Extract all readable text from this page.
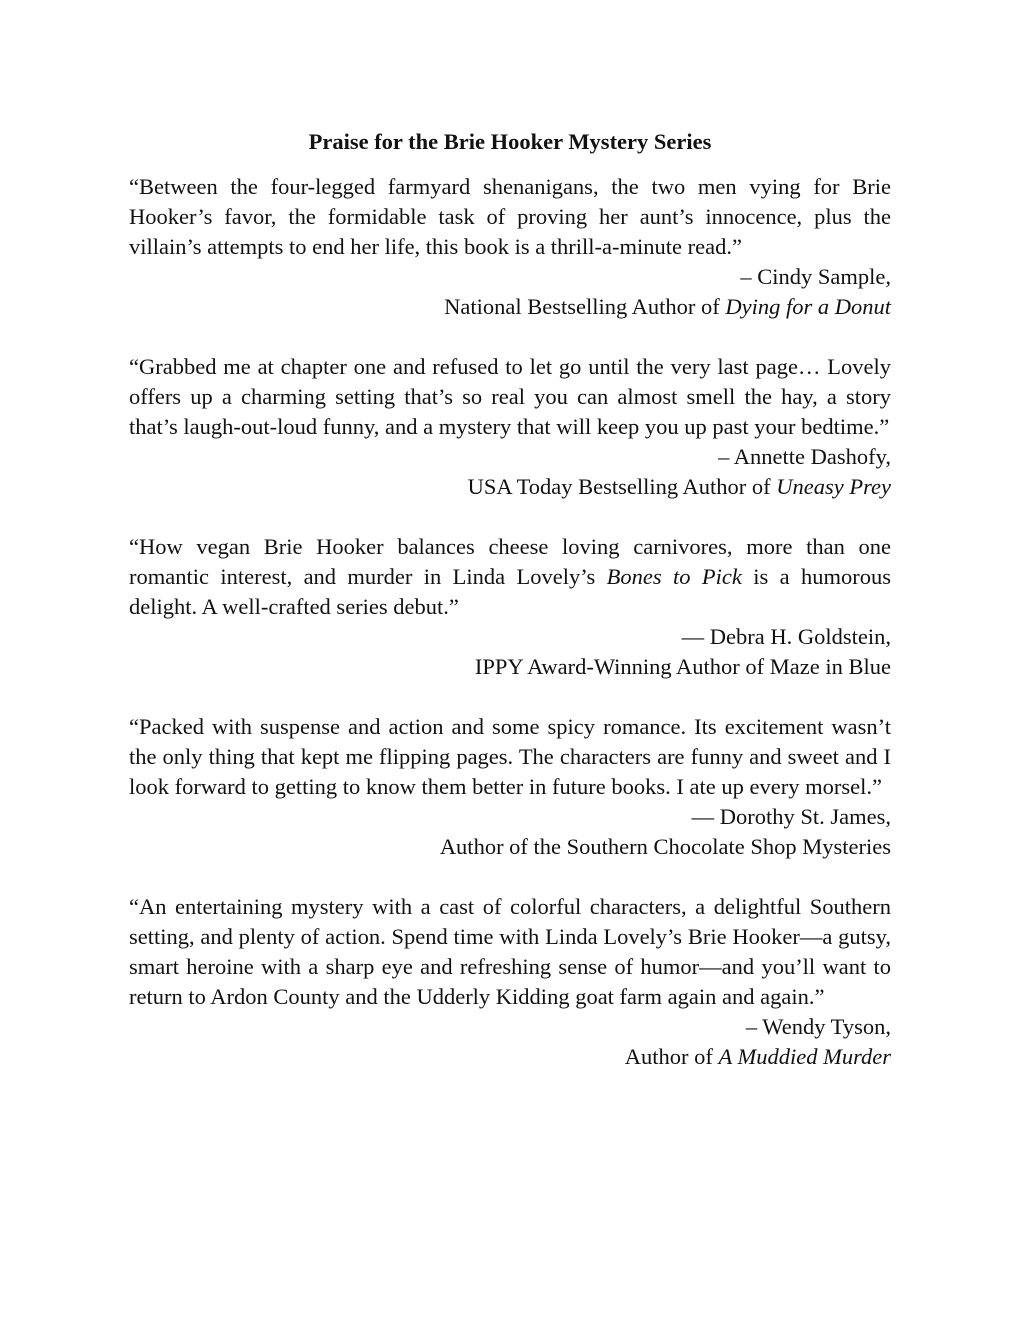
Praise for the Brie Hooker Mystery Series

“Between the four-legged farmyard shenanigans, the two men vying for Brie Hooker’s favor, the formidable task of proving her aunt’s innocence, plus the villain’s attempts to end her life, this book is a thrill-a-minute read.”

– Cindy Sample,

National Bestselling Author of Dying for a Donut

“Grabbed me at chapter one and refused to let go until the very last page… Lovely offers up a charming setting that’s so real you can almost smell the hay, a story that’s laugh-out-loud funny, and a mystery that will keep you up past your bedtime.”

– Annette Dashofy,

USA Today Bestselling Author of Uneasy Prey

“How vegan Brie Hooker balances cheese loving carnivores, more than one romantic interest, and murder in Linda Lovely’s Bones to Pick is a humorous delight. A well-crafted series debut.”

— Debra H. Goldstein,

IPPY Award-Winning Author of Maze in Blue

“Packed with suspense and action and some spicy romance. Its excitement wasn’t the only thing that kept me flipping pages. The characters are funny and sweet and I look forward to getting to know them better in future books. I ate up every morsel.”

— Dorothy St. James,

Author of the Southern Chocolate Shop Mysteries

“An entertaining mystery with a cast of colorful characters, a delightful Southern setting, and plenty of action. Spend time with Linda Lovely’s Brie Hooker—a gutsy, smart heroine with a sharp eye and refreshing sense of humor—and you’ll want to return to Ardon County and the Udderly Kidding goat farm again and again.”

– Wendy Tyson,

Author of A Muddied Murder
